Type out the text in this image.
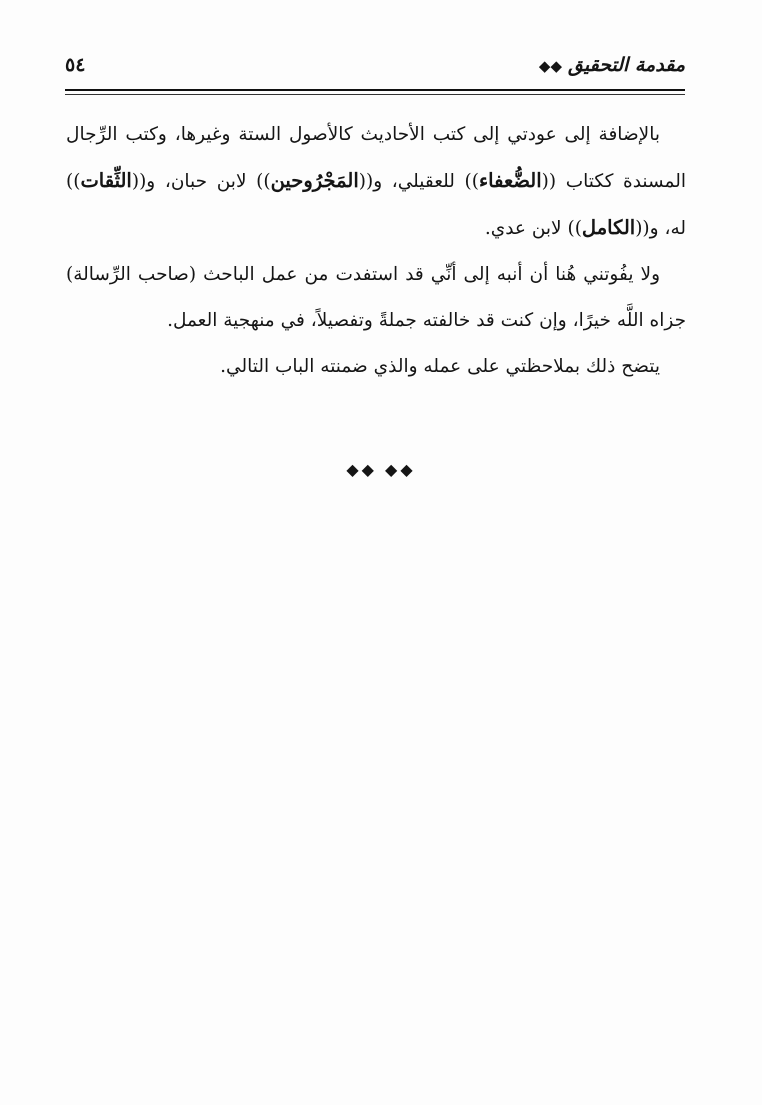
مقدمة التحقيق◆◆
٥٤

بالإضافة إلى عودتي إلى كتب الأحاديث كالأصول الستة وغيرها، وكتب الرِّجال المسندة ككتاب ((الضُّعفاء)) للعقيلي، و((المَجْرُوحين)) لابن حبان، و((الثِّقات)) له، و((الكامل)) لابن عدي.

ولا يفُوتني هُنا أن أنبه إلى أنِّي قد استفدت من عمل الباحث (صاحب الرِّسالة) جزاه اللَّه خيرًا، وإن كنت قد خالفته جملةً وتفصيلاً، في منهجية العمل.

يتضح ذلك بملاحظتي على عمله والذي ضمنته الباب التالي.

◆◆ ◆◆
